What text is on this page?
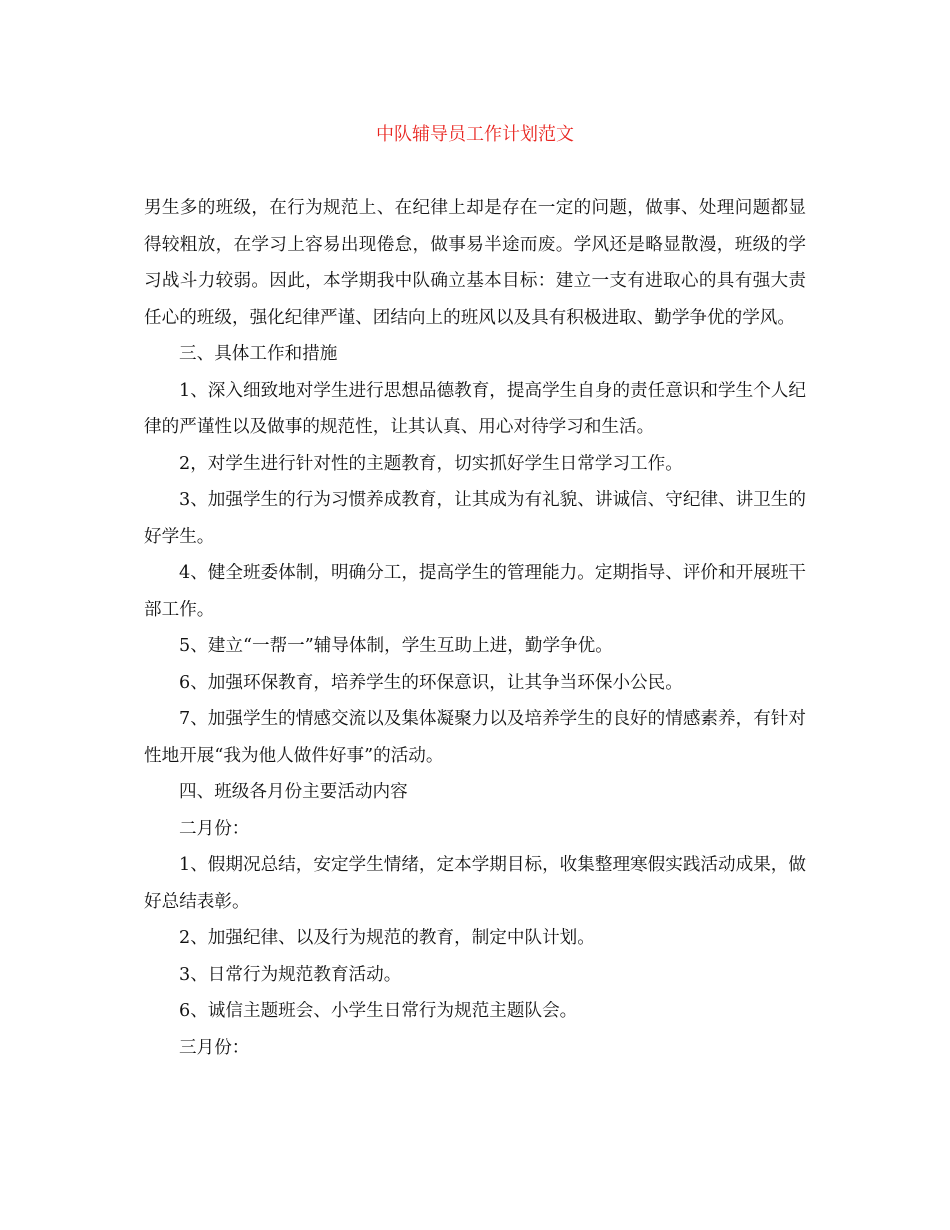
中队辅导员工作计划范文

男生多的班级，在行为规范上、在纪律上却是存在一定的问题，做事、处理问题都显得较粗放，在学习上容易出现倦怠，做事易半途而废。学风还是略显散漫，班级的学习战斗力较弱。因此，本学期我中队确立基本目标：建立一支有进取心的具有强大责任心的班级，强化纪律严谨、团结向上的班风以及具有积极进取、勤学争优的学风。

三、具体工作和措施

1、深入细致地对学生进行思想品德教育，提高学生自身的责任意识和学生个人纪律的严谨性以及做事的规范性，让其认真、用心对待学习和生活。

2，对学生进行针对性的主题教育，切实抓好学生日常学习工作。

3、加强学生的行为习惯养成教育，让其成为有礼貌、讲诚信、守纪律、讲卫生的好学生。

4、健全班委体制，明确分工，提高学生的管理能力。定期指导、评价和开展班干部工作。

5、建立“一帮一”辅导体制，学生互助上进，勤学争优。

6、加强环保教育，培养学生的环保意识，让其争当环保小公民。

7、加强学生的情感交流以及集体凝聚力以及培养学生的良好的情感素养，有针对性地开展“我为他人做件好事”的活动。

四、班级各月份主要活动内容

二月份：

1、假期况总结，安定学生情绪，定本学期目标，收集整理寒假实践活动成果，做好总结表彰。

2、加强纪律、以及行为规范的教育，制定中队计划。

3、日常行为规范教育活动。

6、诚信主题班会、小学生日常行为规范主题队会。

三月份：
